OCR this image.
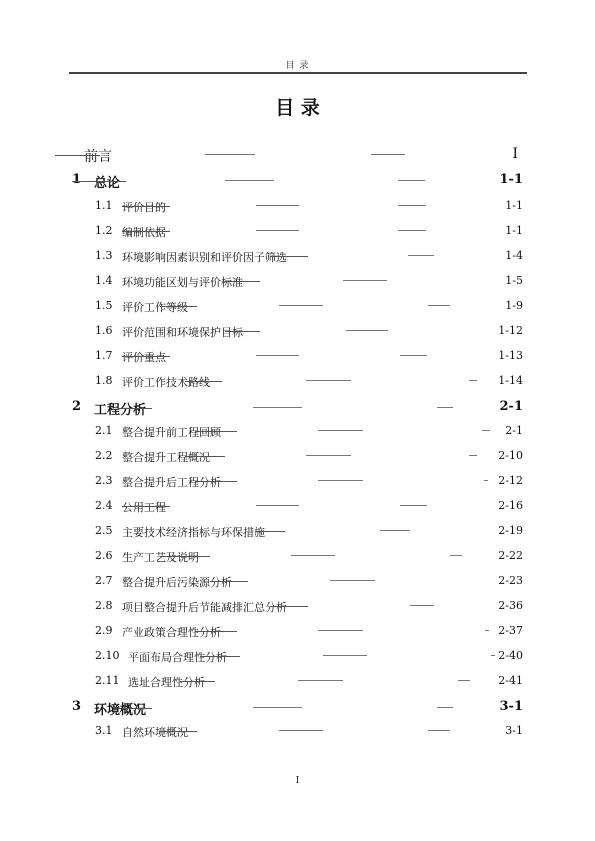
目 录
目 录
前言	I
1 总论	1-1
1.1 评价目的	1-1
1.2 编制依据	1-1
1.3 环境影响因素识别和评价因子筛选	1-4
1.4 环境功能区划与评价标准	1-5
1.5 评价工作等级	1-9
1.6 评价范围和环境保护目标	1-12
1.7 评价重点	1-13
1.8 评价工作技术路线	1-14
2 工程分析	2-1
2.1 整合提升前工程回顾	2-1
2.2 整合提升工程概况	2-10
2.3 整合提升后工程分析	2-12
2.4 公用工程	2-16
2.5 主要技术经济指标与环保措施	2-19
2.6 生产工艺及说明	2-22
2.7 整合提升后污染源分析	2-23
2.8 项目整合提升后节能减排汇总分析	2-36
2.9 产业政策合理性分析	2-37
2.10 平面布局合理性分析	2-40
2.11 选址合理性分析	2-41
3 环境概况	3-1
3.1 自然环境概况	3-1
I
